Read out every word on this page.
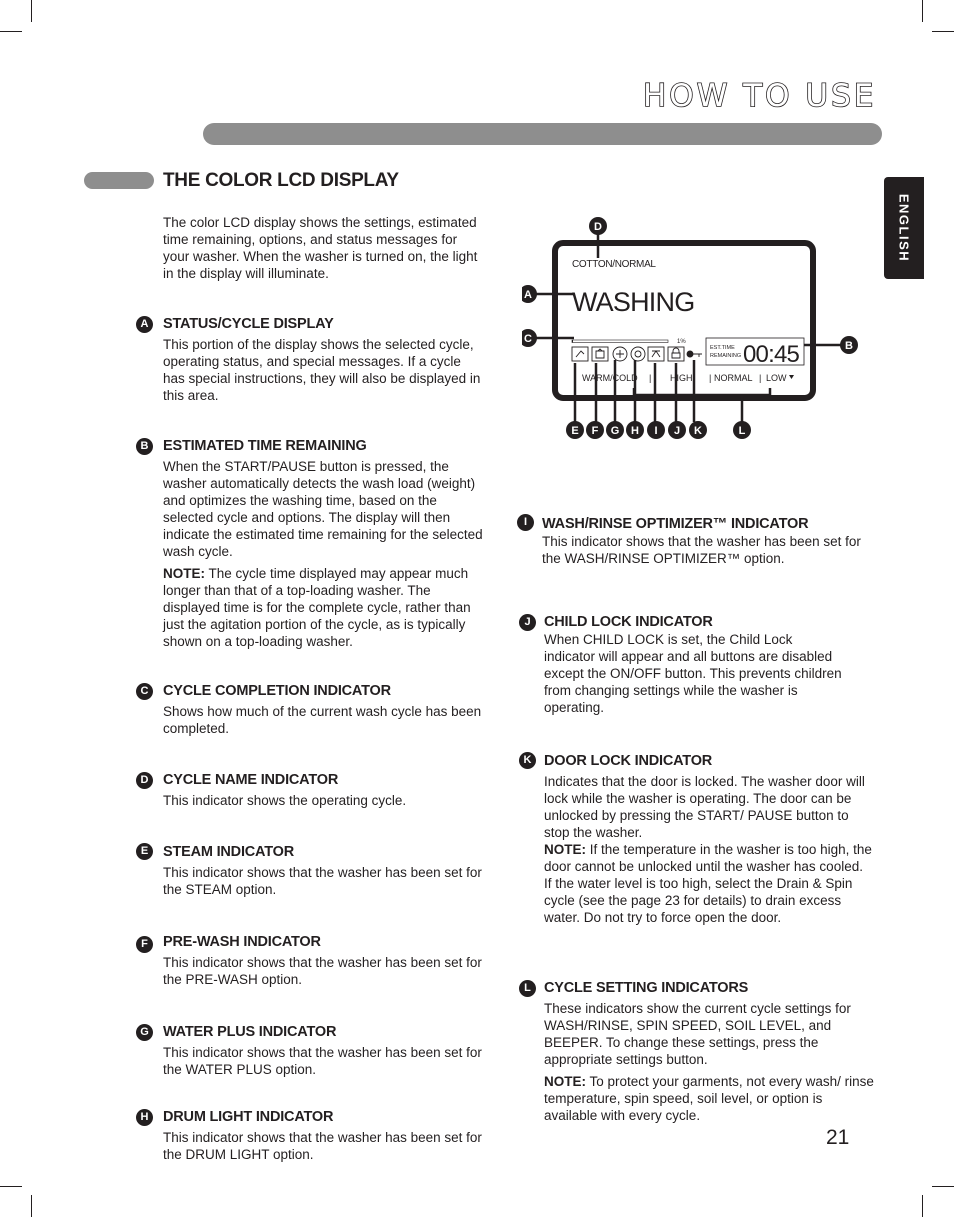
HOW TO USE
ENGLISH
THE COLOR LCD DISPLAY

The color LCD display shows the settings, estimated time remaining, options, and status messages for your washer. When the washer is turned on, the light in the display will illuminate.

COTTON/NORMAL
WASHING
1%
EST.TIME
REMAINING 00:45
WARM/COLD | HIGH | NORMAL | LOW
D
A
C
B
E F G H I J K	L
A	STATUS/CYCLE DISPLAY

This portion of the display shows the selected cycle, operating status, and special messages. If a cycle has special instructions, they will also be displayed in this area.

B	ESTIMATED TIME REMAINING

When the START/PAUSE button is pressed, the washer automatically detects the wash load (weight) and optimizes the washing time, based on the selected cycle and options. The display will then indicate the estimated time remaining for the selected wash cycle.

NOTE: The cycle time displayed may appear much longer than that of a top-loading washer. The displayed time is for the complete cycle, rather than just the agitation portion of the cycle, as is typically shown on a top-loading washer.

C	CYCLE COMPLETION INDICATOR

Shows how much of the current wash cycle has been completed.

D	CYCLE NAME INDICATOR

This indicator shows the operating cycle.

E	STEAM INDICATOR

This indicator shows that the washer has been set for the STEAM option.

F	PRE-WASH INDICATOR

This indicator shows that the washer has been set for the PRE-WASH option.

G WATER PLUS INDICATOR

This indicator shows that the washer has been set for the WATER PLUS option.

H	DRUM LIGHT INDICATOR

This indicator shows that the washer has been set for the DRUM LIGHT option.

I	WASH/RINSE OPTIMIZER™ INDICATOR

This indicator shows that the washer has been set for the WASH/RINSE OPTIMIZER™ option.

J CHILD LOCK INDICATOR

When CHILD LOCK is set, the Child Lock indicator will appear and all buttons are disabled except the ON/OFF button. This prevents children from changing settings while the washer is operating.

K DOOR LOCK INDICATOR

Indicates that the door is locked. The washer door will lock while the washer is operating. The door can be unlocked by pressing the START/ PAUSE button to stop the washer.

NOTE: If the temperature in the washer is too high, the door cannot be unlocked until the washer has cooled. If the water level is too high, select the Drain & Spin cycle (see the page 23 for details) to drain excess water. Do not try to force open the door.

L CYCLE SETTING INDICATORS

These indicators show the current cycle settings for WASH/RINSE, SPIN SPEED, SOIL LEVEL, and BEEPER. To change these settings, press the appropriate settings button.

NOTE: To protect your garments, not every wash/ rinse temperature, spin speed, soil level, or option is available with every cycle.

21
